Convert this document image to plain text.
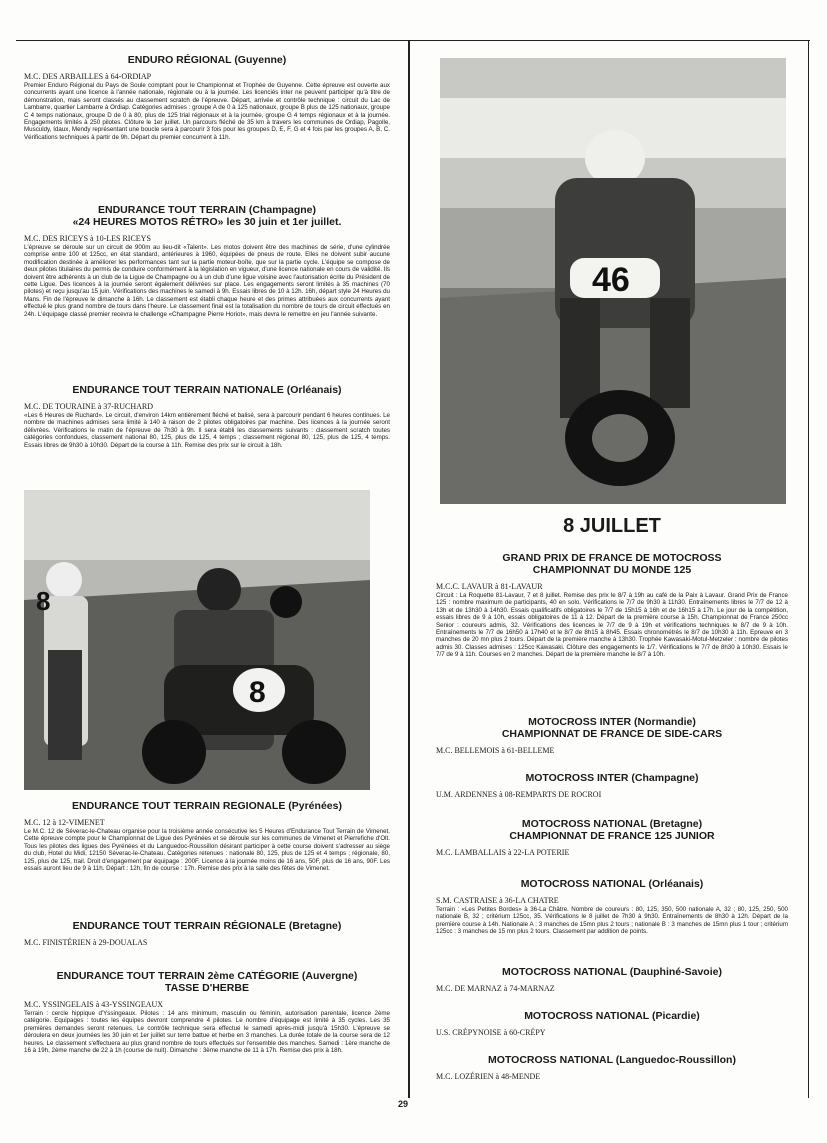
ENDURO RÉGIONAL (Guyenne)

M.C. DES ARBAILLES à 64-ORDIAP

Premier Enduro Régional du Pays de Soule comptant pour le Championnat et Trophée de Guyenne. Cette épreuve est ouverte aux concurrents ayant une licence à l'année nationale, régionale ou à la journée. Les licenciés inter ne peuvent participer qu'à titre de démonstration, mais seront classés au classement scratch de l'épreuve. Départ, arrivée et contrôle technique : circuit du Lac de Lambarre, quartier Lambarre à Ordiap. Catégories admises : groupe A de 0 à 125 nationaux, groupe B plus de 125 nationaux, groupe C 4 temps nationaux, groupe D de 0 à 80, plus de 125 trial régionaux et à la journée, groupe G 4 temps régionaux et à la journée. Engagements limités à 250 pilotes. Clôture le 1er juillet. Un parcours fléché de 35 km à travers les communes de Ordiap, Pagolle, Musculdy, Idaux, Mendy représentant une boucle sera à parcourir 3 fois pour les groupes D, E, F, G et 4 fois par les groupes A, B, C. Vérifications techniques à partir de 9h. Départ du premier concurrent à 11h.

ENDURANCE TOUT TERRAIN (Champagne)

«24 HEURES MOTOS RÉTRO» les 30 juin et 1er juillet.

M.C. DES RICEYS à 10-LES RICEYS

L'épreuve se déroule sur un circuit de 900m au lieu-dit «Talent». Les motos doivent être des machines de série, d'une cylindrée comprise entre 100 et 125cc, en état standard, antérieures à 1960, équipées de pneus de route. Elles ne doivent subir aucune modification destinée à améliorer les performances tant sur la partie moteur-boîte, que sur la partie cycle. L'équipe se compose de deux pilotes titulaires du permis de conduire conformément à la législation en vigueur, d'une licence nationale en cours de validité. Ils doivent être adhérents à un club de la Ligue de Champagne ou à un club d'une ligue voisine avec l'autorisation écrite du Président de cette Ligue. Des licences à la journée seront également délivrées sur place. Les engagements seront limités à 35 machines (70 pilotes) et reçu jusqu'au 15 juin. Vérifications des machines le samedi à 9h. Essais libres de 10 à 12h. 16h, départ style 24 Heures du Mans. Fin de l'épreuve le dimanche à 16h. Le classement est établi chaque heure et des primes attribuées aux concurrents ayant effectué le plus grand nombre de tours dans l'heure. Le classement final est la totalisation du nombre de tours de circuit effectués en 24h. L'équipage classé premier recevra le challenge «Champagne Pierre Horiot», mais devra le remettre en jeu l'année suivante.

ENDURANCE TOUT TERRAIN NATIONALE (Orléanais)

M.C. DE TOURAINE à 37-RUCHARD

«Les 6 Heures de Ruchard». Le circuit, d'environ 14km entièrement fléché et balisé, sera à parcourir pendant 6 heures continues. Le nombre de machines admises sera limité à 140 à raison de 2 pilotes obligatoires par machine. Des licences à la journée seront délivrées. Vérifications le matin de l'épreuve de 7h30 à 9h. Il sera établi les classements suivants : classement scratch toutes catégories confondues, classement national 80, 125, plus de 125, 4 temps ; classement régional 80, 125, plus de 125, 4 temps. Essais libres de 9h30 à 10h30. Départ de la course à 11h. Remise des prix sur le circuit à 18h.

8
8

ENDURANCE TOUT TERRAIN REGIONALE (Pyrénées)

M.C. 12 à 12-VIMENET

Le M.C. 12 de Séverac-le-Chateau organise pour la troisième année consécutive les 5 Heures d'Endurance Tout Terrain de Vimenet. Cette épreuve compte pour le Championnat de Ligue des Pyrénées et se déroule sur les communes de Vimenet et Pierrefiche d'Olt. Tous les pilotes des ligues des Pyrénées et du Languedoc-Roussillon désirant participer à cette course doivent s'adresser au siège du club, Hotel du Midi, 12150 Séverac-le-Chateau. Catégories retenues : nationale 80, 125, plus de 125 et 4 temps ; régionale, 80, 125, plus de 125, trail. Droit d'engagement par équipage : 200F. Licence à la journée moins de 16 ans, 50F, plus de 16 ans, 90F. Les essais auront lieu de 9 à 11h. Départ : 12h, fin de course : 17h. Remise des prix à la salle des fêtes de Vimenet.

ENDURANCE TOUT TERRAIN RÉGIONALE (Bretagne)

M.C. FINISTÉRIEN à 29-DOUALAS

ENDURANCE TOUT TERRAIN 2ème CATÉGORIE (Auvergne)

TASSE D'HERBE

M.C. YSSINGELAIS à 43-YSSINGEAUX

Terrain : cercle hippique d'Yssingeaux. Pilotes : 14 ans minimum, masculin ou féminin, autorisation parentale, licence 2ème catégorie. Equipages : toutes les équipes devront comprendre 4 pilotes. Le nombre d'équipage est limité à 35 cycles. Les 35 premières demandes seront retenues. Le contrôle technique sera effectué le samedi après-midi jusqu'à 15h30. L'épreuve se déroulera en deux journées les 30 juin et 1er juillet sur terre battue et herbe en 3 manches. La durée totale de la course sera de 12 heures. Le classement s'effectuera au plus grand nombre de tours effectués sur l'ensemble des manches. Samedi : 1ère manche de 16 à 19h, 2ème manche de 22 à 1h (course de nuit). Dimanche : 3ème manche de 11 à 17h. Remise des prix à 18h.

46

8 JUILLET

GRAND PRIX DE FRANCE DE MOTOCROSS

CHAMPIONNAT DU MONDE 125

M.C.C. LAVAUR à 81-LAVAUR

Circuit : La Roquette 81-Lavaur, 7 et 8 juillet. Remise des prix le 8/7 à 19h au café de la Paix à Lavaur. Grand Prix de France 125 : nombre maximum de participants, 40 en solo. Vérifications le 7/7 de 9h30 à 11h30. Entraînements libres le 7/7 de 12 à 13h et de 13h30 à 14h30. Essais qualificatifs obligatoires le 7/7 de 15h15 à 16h et de 16h15 à 17h. Le jour de la compétition, essais libres de 9 à 10h, essais obligatoires de 11 à 12. Départ de la première course à 15h. Championnat de France 250cc Senior : coureurs admis, 32. Vérifications des licences le 7/7 de 9 à 19h et vérifications techniques le 8/7 de 9 à 10h. Entraînements le 7/7 de 16h50 à 17h40 et le 8/7 de 8h15 à 8h45. Essais chronométrés le 8/7 de 10h30 à 11h. Epreuve en 3 manches de 20 mn plus 2 tours. Départ de la première manche à 13h30. Trophée Kawasaki-Motul-Metzeler : nombre de pilotes admis 30. Classes admises : 125cc Kawasaki. Clôture des engagements le 1/7. Vérifications le 7/7 de 8h30 à 10h30. Essais le 7/7 de 9 à 11h. Courses en 2 manches. Départ de la première manche le 8/7 à 10h.

MOTOCROSS INTER (Normandie)

CHAMPIONNAT DE FRANCE DE SIDE-CARS

M.C. BELLEMOIS à 61-BELLEME

MOTOCROSS INTER (Champagne)

U.M. ARDENNES à 08-REMPARTS DE ROCROI

MOTOCROSS NATIONAL (Bretagne)

CHAMPIONNAT DE FRANCE 125 JUNIOR

M.C. LAMBALLAIS à 22-LA POTERIE

MOTOCROSS NATIONAL (Orléanais)

S.M. CASTRAISE à 36-LA CHATRE

Terrain : «Les Petites Bordes» à 36-La Châtre. Nombre de coureurs : 80, 125, 350, 500 nationale A, 32 ; 80, 125, 250, 500 nationale B, 32 ; critérium 125cc, 35. Vérifications le 8 juillet de 7h30 à 9h30. Entraînements de 8h30 à 12h. Départ de la première course à 14h. Nationale A : 3 manches de 15mn plus 2 tours ; nationale B : 3 manches de 15mn plus 1 tour ; critérium 125cc : 3 manches de 15 mn plus 2 tours. Classement par addition de points.

MOTOCROSS NATIONAL (Dauphiné-Savoie)

M.C. DE MARNAZ à 74-MARNAZ

MOTOCROSS NATIONAL (Picardie)

U.S. CRÉPYNOISE à 60-CRÉPY

MOTOCROSS NATIONAL (Languedoc-Roussillon)

M.C. LOZÉRIEN à 48-MENDE
29
